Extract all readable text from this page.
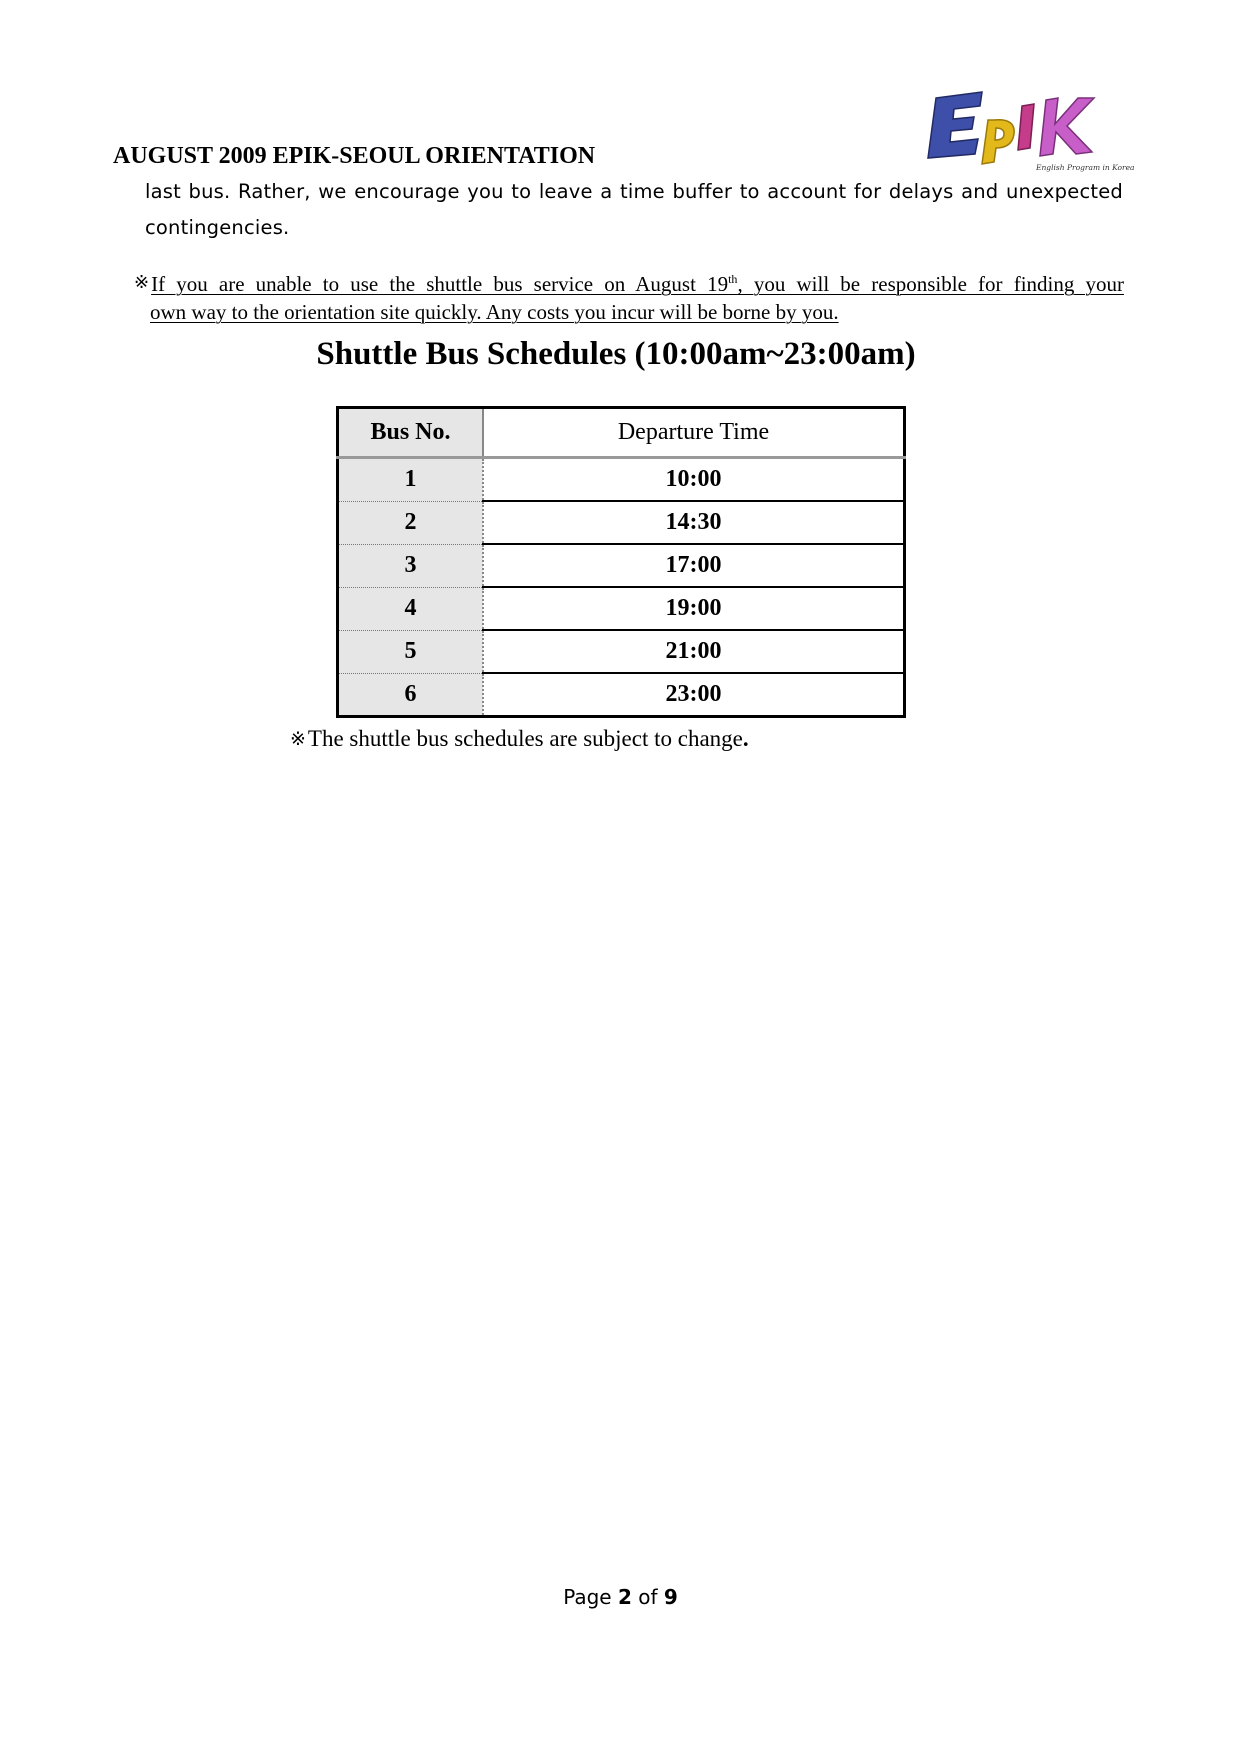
AUGUST 2009 EPIK-SEOUL ORIENTATION	English Program in Korea
last bus. Rather, we encourage you to leave a time buffer to account for delays and unexpected contingencies.
※ If you are unable to use the shuttle bus service on August 19th, you will be responsible for finding your
own way to the orientation site quickly. Any costs you incur will be borne by you.
Shuttle Bus Schedules (10:00am~23:00am)
Bus No.	Departure Time
1	10:00
2	14:30
3	17:00
4	19:00
5	21:00
6	23:00
※The shuttle bus schedules are subject to change.
Page 2 of 9
